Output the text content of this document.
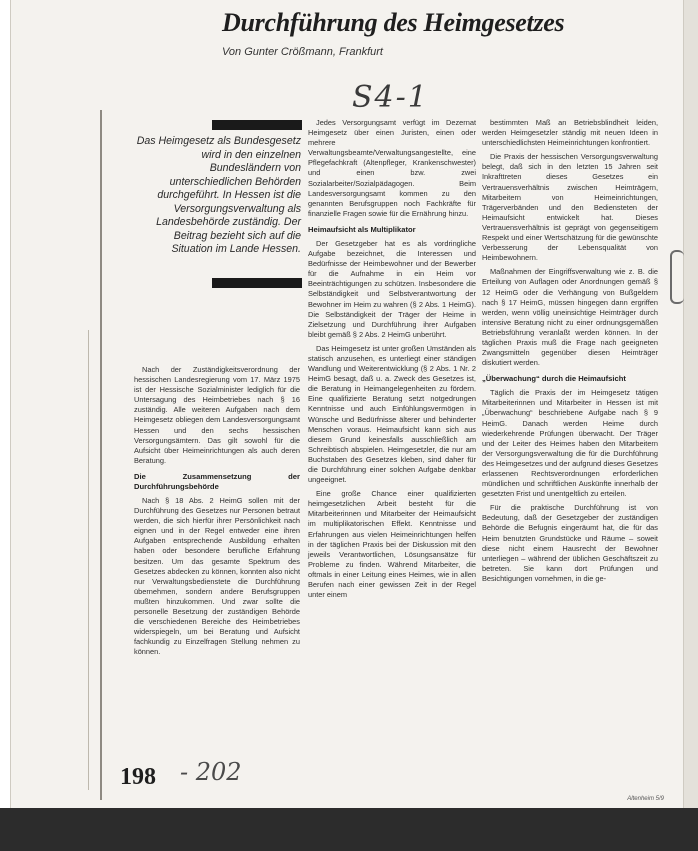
Durchführung des Heimgesetzes
Von Gunter Crößmann, Frankfurt
S4-1

Das Heimgesetz als Bundesgesetz wird in den einzelnen Bundesländern von unterschiedlichen Behörden durchgeführt. In Hessen ist die Versorgungsverwaltung als Landesbehörde zuständig. Der Beitrag bezieht sich auf die Situation im Lande Hessen.

Nach der Zuständigkeitsverordnung der hessischen Landesregierung vom 17. März 1975 ist der Hessische Sozialminister lediglich für die Untersagung des Heimbetriebes nach § 16 zuständig. Alle weiteren Aufgaben nach dem Heimgesetz obliegen dem Landesversorgungsamt Hessen und den sechs hessischen Versorgungsämtern. Das gilt sowohl für die Aufsicht über Heimeinrichtungen als auch deren Beratung.

Die Zusammensetzung der Durchführungsbehörde

Nach § 18 Abs. 2 HeimG sollen mit der Durchführung des Gesetzes nur Personen betraut werden, die sich hierfür ihrer Persönlichkeit nach eignen und in der Regel entweder eine ihren Aufgaben entsprechende Ausbildung erhalten haben oder besondere berufliche Erfahrung besitzen. Um das gesamte Spektrum des Gesetzes abdecken zu können, konnten also nicht nur Verwaltungsbedienstete die Durchführung übernehmen, sondern andere Berufsgruppen mußten hinzukommen. Und zwar sollte die personelle Besetzung der zuständigen Behörde die verschiedenen Bereiche des Heimbetriebes widerspiegeln, um bei Beratung und Aufsicht fachkundig zu Einzelfragen Stellung nehmen zu können.

Jedes Versorgungsamt verfügt im Dezernat Heimgesetz über einen Juristen, einen oder mehrere Verwaltungsbeamte/Verwaltungsangestellte, eine Pflegefachkraft (Altenpfleger, Krankenschwester) und einen bzw. zwei Sozialarbeiter/Sozialpädagogen. Beim Landesversorgungsamt kommen zu den genannten Berufsgruppen noch Fachkräfte für finanzielle Fragen sowie für die Ernährung hinzu.

Heimaufsicht als Multiplikator

Der Gesetzgeber hat es als vordringliche Aufgabe bezeichnet, die Interessen und Bedürfnisse der Heimbewohner und der Bewerber für die Aufnahme in ein Heim vor Beeinträchtigungen zu schützen. Insbesondere die Selbständigkeit und Selbstverantwortung der Bewohner im Heim zu wahren (§ 2 Abs. 1 HeimG). Die Selbständigkeit der Träger der Heime in Zielsetzung und Durchführung ihrer Aufgaben bleibt gemäß § 2 Abs. 2 HeimG unberührt.

Das Heimgesetz ist unter großen Umständen als statisch anzusehen, es unterliegt einer ständigen Wandlung und Weiterentwicklung (§ 2 Abs. 1 Nr. 2 HeimG besagt, daß u. a. Zweck des Gesetzes ist, die Beratung in Heimangelegenheiten zu fördern. Eine qualifizierte Beratung setzt notgedrungen Kenntnisse und auch Einfühlungsvermögen in Wünsche und Bedürfnisse älterer und behinderter Menschen voraus. Heimaufsicht kann sich aus diesem Grund keinesfalls ausschließlich am Schreibtisch abspielen. Heimgesetzler, die nur am Buchstaben des Gesetzes kleben, sind daher für die Durchführung einer solchen Aufgabe denkbar ungeeignet.

Eine große Chance einer qualifizierten heimgesetzlichen Arbeit besteht für die Mitarbeiterinnen und Mitarbeiter der Heimaufsicht im multiplikatorischen Effekt. Kenntnisse und Erfahrungen aus vielen Heimeinrichtungen helfen in der täglichen Praxis bei der Diskussion mit den jeweils Verantwortlichen, Lösungsansätze für Probleme zu finden. Während Mitarbeiter, die oftmals in einer Leitung eines Heimes, wie in allen Berufen nach einer gewissen Zeit in der Regel unter einem

bestimmten Maß an Betriebsblindheit leiden, werden Heimgesetzler ständig mit neuen Ideen in unterschiedlichsten Heimeinrichtungen konfrontiert.

Die Praxis der hessischen Versorgungsverwaltung belegt, daß sich in den letzten 15 Jahren seit Inkrafttreten dieses Gesetzes ein Vertrauensverhältnis zwischen Heimträgern, Mitarbeitern von Heimeinrichtungen, Trägerverbänden und den Bediensteten der Heimaufsicht entwickelt hat. Dieses Vertrauensverhältnis ist geprägt von gegenseitigem Respekt und einer Wertschätzung für die gewünschte Verbesserung der Lebensqualität von Heimbewohnern.

Maßnahmen der Eingriffsverwaltung wie z. B. die Erteilung von Auflagen oder Anordnungen gemäß § 12 HeimG oder die Verhängung von Bußgeldern nach § 17 HeimG, müssen hingegen dann ergriffen werden, wenn völlig uneinsichtige Heimträger durch intensive Beratung nicht zu einer ordnungsgemäßen Betriebsführung veranlaßt werden können. In der täglichen Praxis muß die Frage nach geeigneten Zwangsmitteln gegenüber diesen Heimträger diskutiert werden.

„Überwachung“ durch die Heimaufsicht

Täglich die Praxis der im Heimgesetz tätigen Mitarbeiterinnen und Mitarbeiter in Hessen ist mit „Überwachung“ beschriebene Aufgabe nach § 9 HeimG. Danach werden Heime durch wiederkehrende Prüfungen überwacht. Der Träger und der Leiter des Heimes haben den Mitarbeitern der Versorgungsverwaltung die für die Durchführung des Heimgesetzes und der aufgrund dieses Gesetzes erlassenen Rechtsverordnungen erforderlichen mündlichen und schriftlichen Auskünfte innerhalb der gesetzten Frist und unentgeltlich zu erteilen.

Für die praktische Durchführung ist von Bedeutung, daß der Gesetzgeber der zuständigen Behörde die Befugnis eingeräumt hat, die für das Heim benutzten Grundstücke und Räume – soweit diese nicht einem Hausrecht der Bewohner unterliegen – während der üblichen Geschäftszeit zu betreten. Sie kann dort Prüfungen und Besichtigungen vornehmen, in die ge-

198 - 202
Altenheim 5/9
